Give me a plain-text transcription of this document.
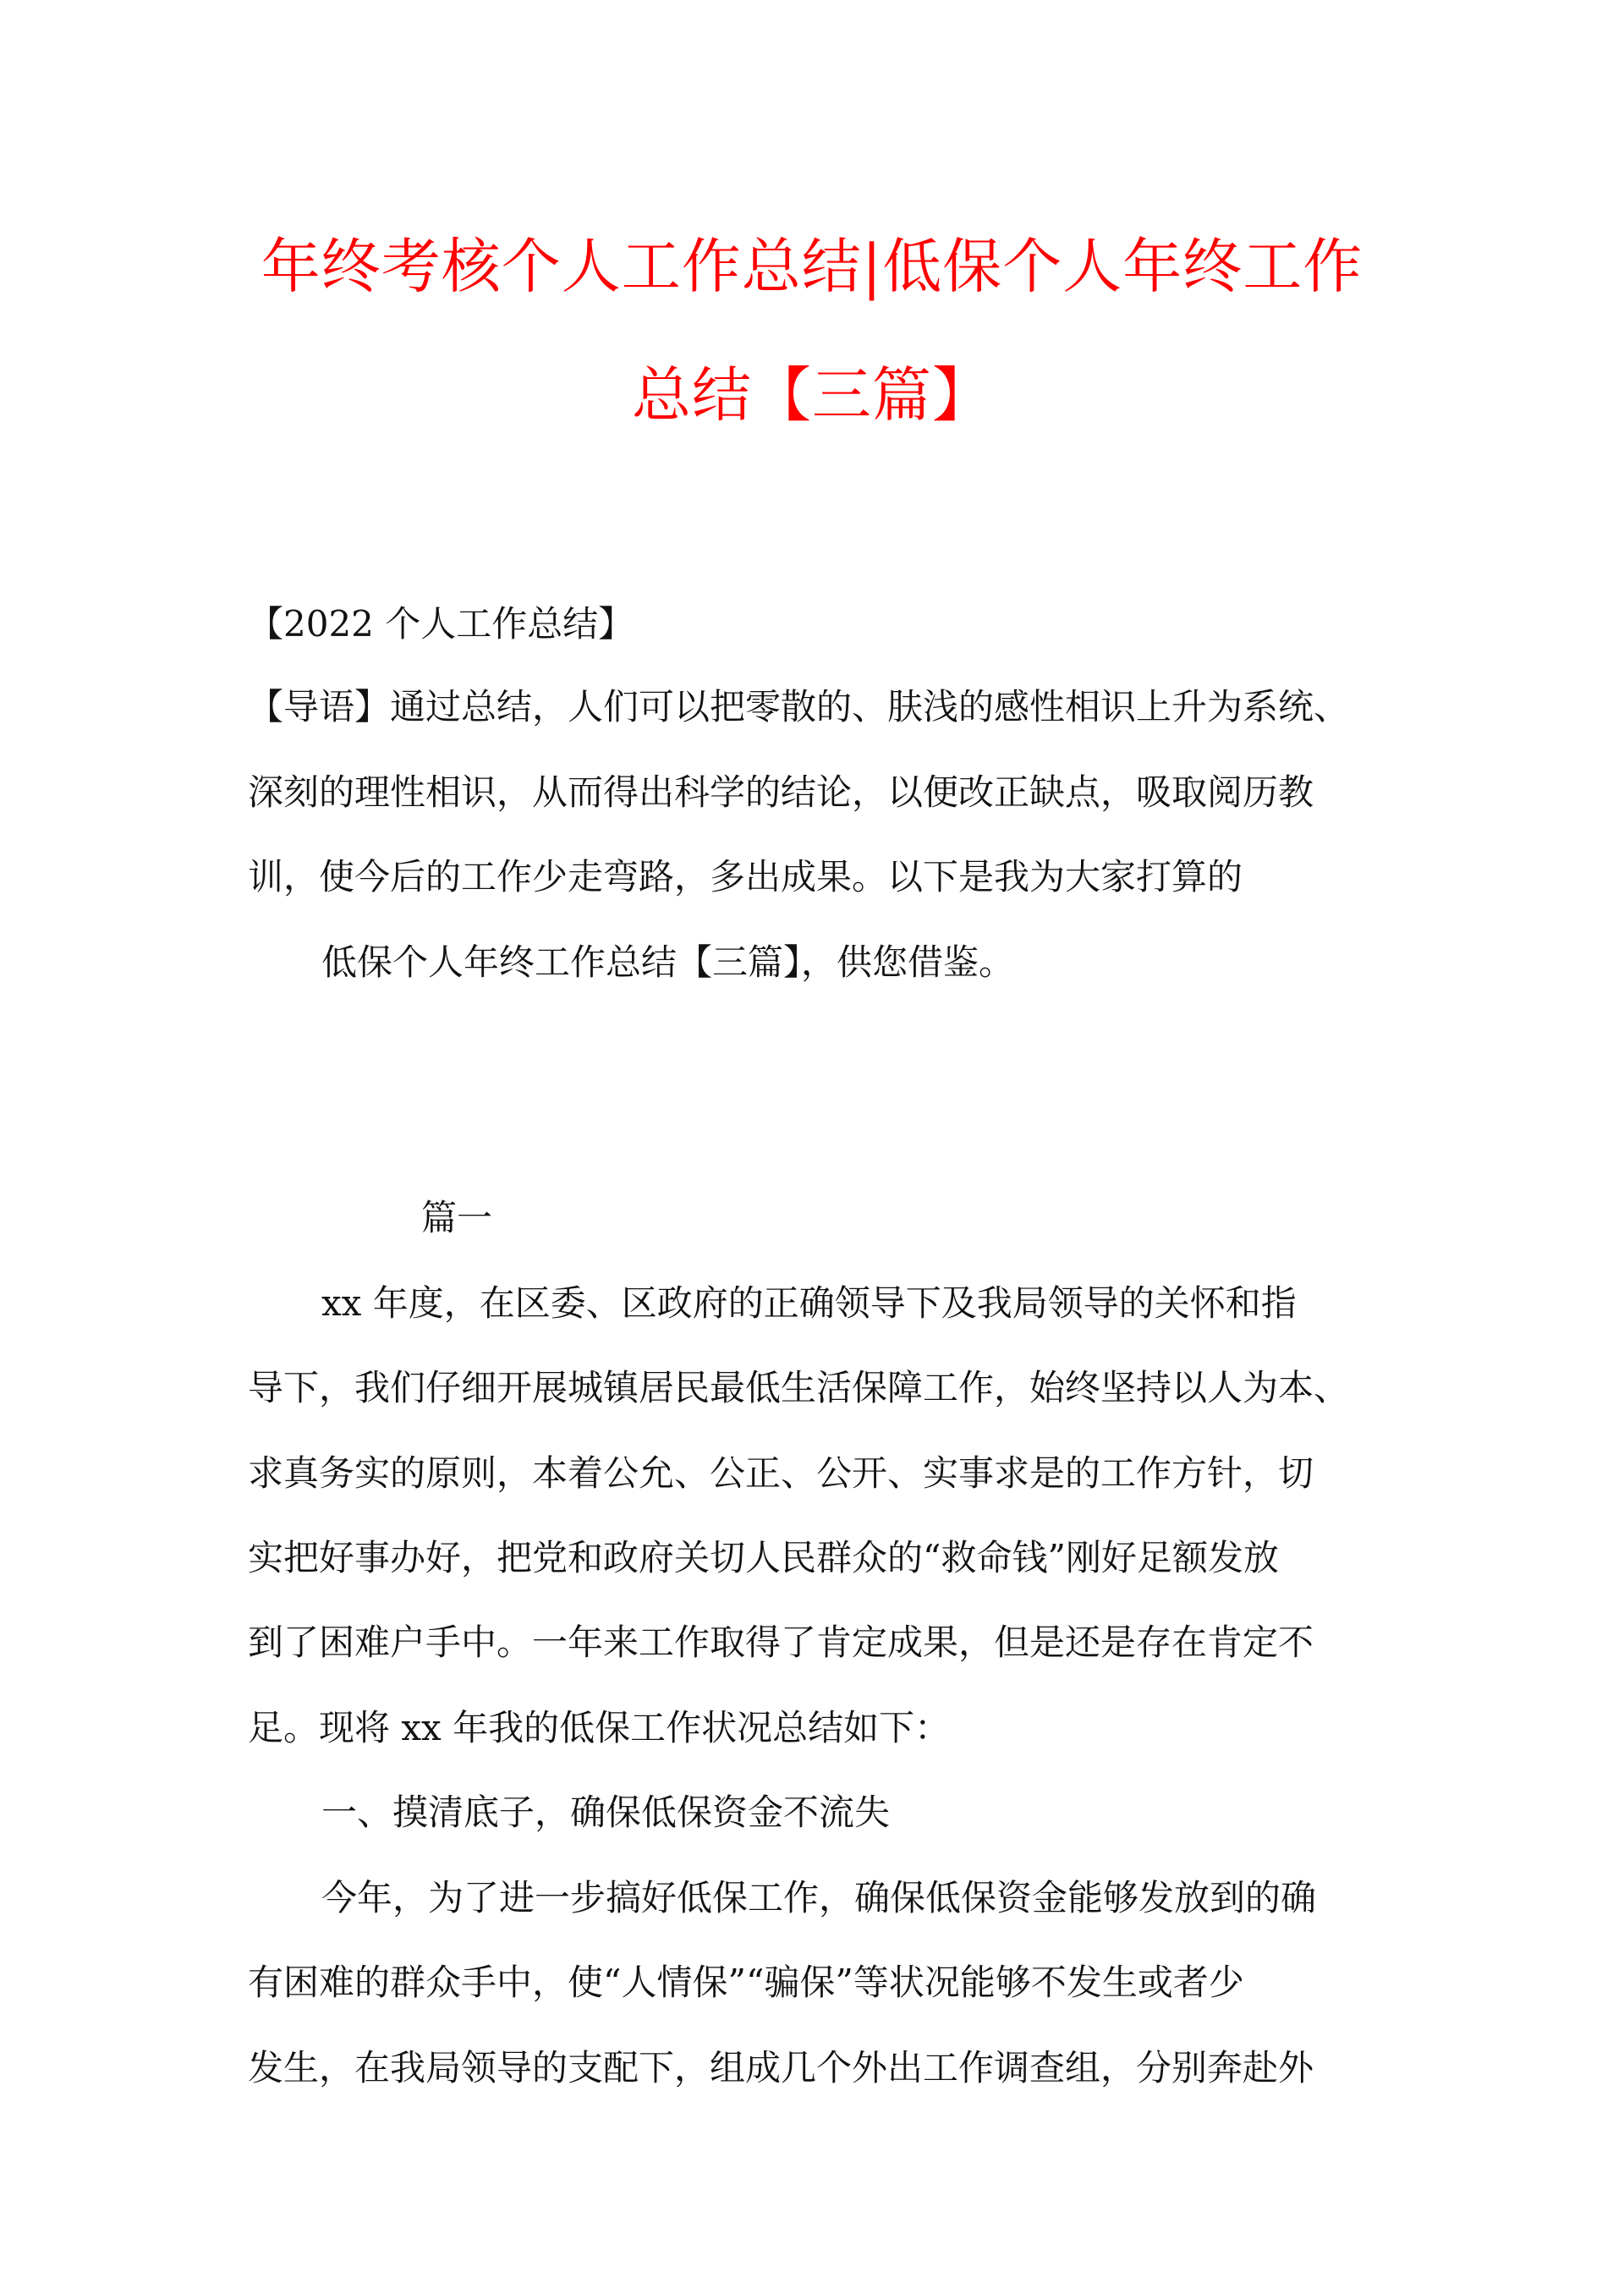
年终考核个人工作总结|低保个人年终工作
总结【三篇】
【2022 个人工作总结】
【导语】通过总结，人们可以把零散的、肤浅的感性相识上升为系统、
深刻的理性相识，从而得出科学的结论，以便改正缺点，吸取阅历教
训，使今后的工作少走弯路，多出成果。以下是我为大家打算的
低保个人年终工作总结【三篇】，供您借鉴。
篇一
xx 年度，在区委、区政府的正确领导下及我局领导的关怀和指
导下，我们仔细开展城镇居民最低生活保障工作，始终坚持以人为本、
求真务实的原则，本着公允、公正、公开、实事求是的工作方针，切
实把好事办好，把党和政府关切人民群众的“救命钱”刚好足额发放
到了困难户手中。一年来工作取得了肯定成果，但是还是存在肯定不
足。现将 xx 年我的低保工作状况总结如下：
一、摸清底子，确保低保资金不流失
今年，为了进一步搞好低保工作，确保低保资金能够发放到的确
有困难的群众手中，使“人情保”“骗保”等状况能够不发生或者少
发生，在我局领导的支配下，组成几个外出工作调查组，分别奔赴外
